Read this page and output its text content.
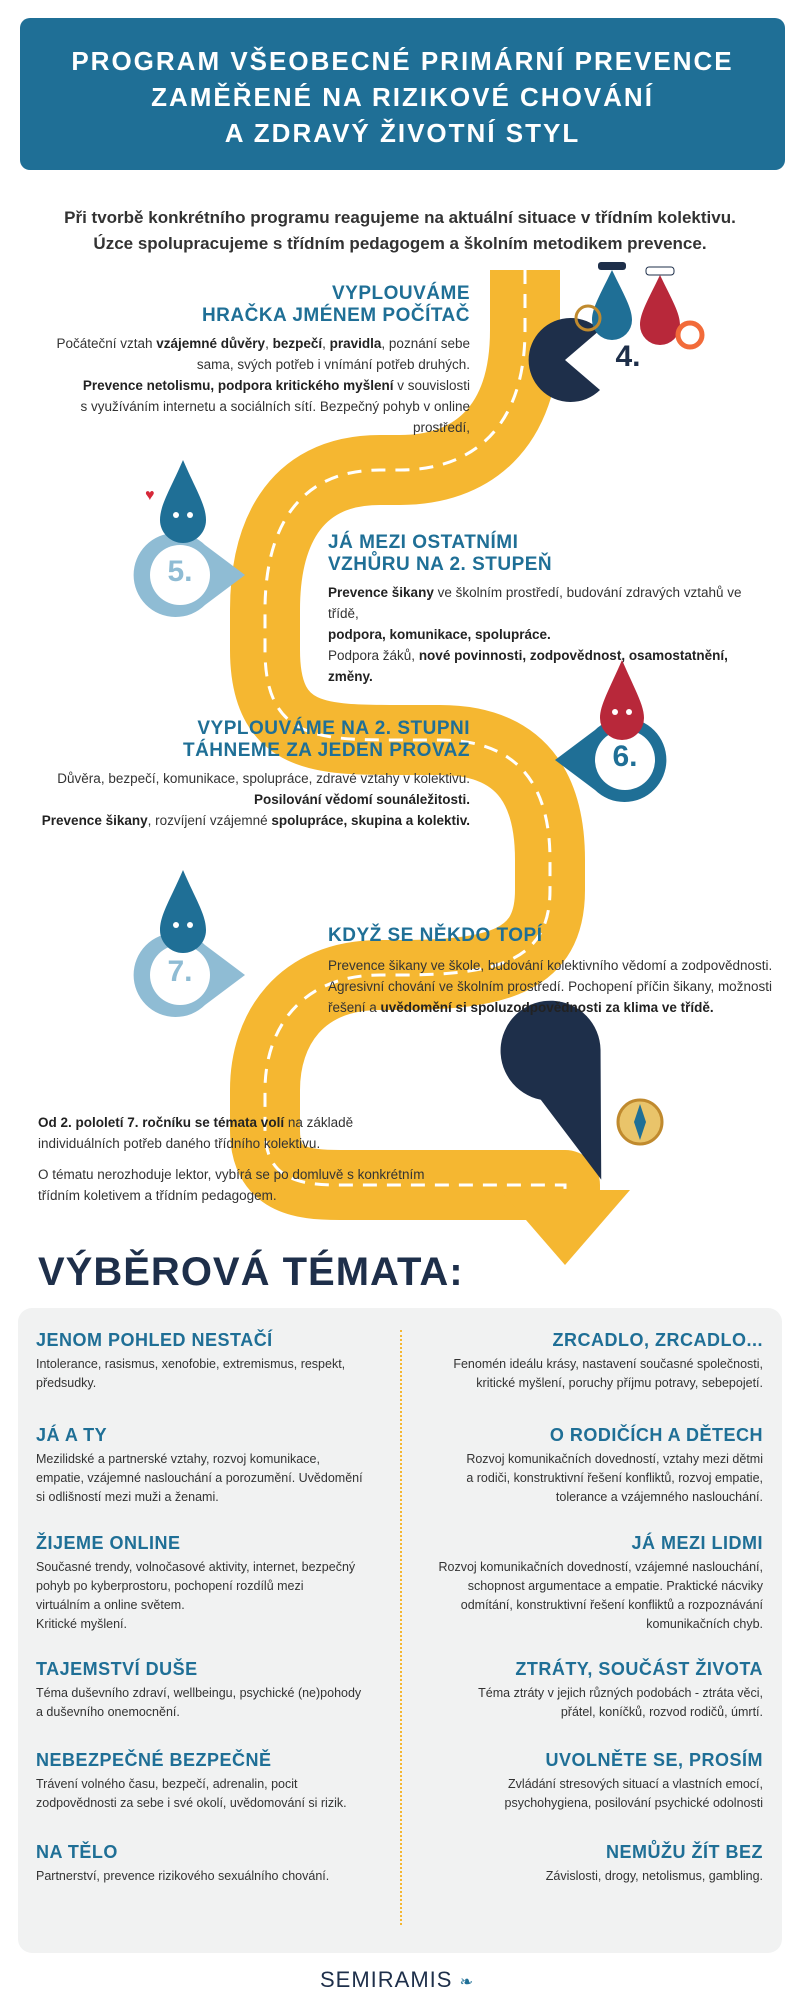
PROGRAM VŠEOBECNÉ PRIMÁRNÍ PREVENCE
ZAMĚŘENÉ NA RIZIKOVÉ CHOVÁNÍ
A ZDRAVÝ ŽIVOTNÍ STYL
Při tvorbě konkrétního programu reagujeme na aktuální situace v třídním kolektivu.
Úzce spolupracujeme s třídním pedagogem a školním metodikem prevence.
♥
4.
5.
6.
7.
VYPLOUVÁME
HRAČKA JMÉNEM POČÍTAČ
Počáteční vztah vzájemné důvěry, bezpečí, pravidla, poznání sebe
sama, svých potřeb i vnímání potřeb druhých.
Prevence netolismu, podpora kritického myšlení v souvislosti
s využíváním internetu a sociálních sítí. Bezpečný pohyb v online prostředí,
JÁ MEZI OSTATNÍMI
VZHŮRU NA 2. STUPEŇ
Prevence šikany ve školním prostředí, budování zdravých vztahů ve třídě,
podpora, komunikace, spolupráce.
Podpora žáků, nové povinnosti, zodpovědnost, osamostatnění, změny.
VYPLOUVÁME NA 2. STUPNI
TÁHNEME ZA JEDEN PROVAZ
Důvěra, bezpečí, komunikace, spolupráce, zdravé vztahy v kolektivu.
Posilování vědomí sounáležitosti.
Prevence šikany, rozvíjení vzájemné spolupráce, skupina a kolektiv.
KDYŽ SE NĚKDO TOPÍ
Prevence šikany ve škole, budování kolektivního vědomí a zodpovědnosti.
Agresivní chování ve školním prostředí. Pochopení příčin šikany, možnosti
řešení a uvědomění si spoluzodpovědnosti za klima ve třídě.
Od 2. pololetí 7. ročníku se témata volí na základě
individuálních potřeb daného třídního kolektivu.
O tématu nerozhoduje lektor, vybírá se po domluvě s konkrétním
třídním koletivem a třídním pedagogem.
VÝBĚROVÁ TÉMATA:
JENOM POHLED NESTAČÍ
Intolerance, rasismus, xenofobie, extremismus, respekt,
předsudky.
JÁ A TY
Mezilidské a partnerské vztahy, rozvoj komunikace,
empatie, vzájemné naslouchání a porozumění. Uvědomění
si odlišností mezi muži a ženami.
ŽIJEME ONLINE
Současné trendy, volnočasové aktivity, internet, bezpečný
pohyb po kyberprostoru, pochopení rozdílů mezi
virtuálním a online světem.
Kritické myšlení.
TAJEMSTVÍ DUŠE
Téma duševního zdraví, wellbeingu, psychické (ne)pohody
a duševního onemocnění.
NEBEZPEČNÉ BEZPEČNĚ
Trávení volného času, bezpečí, adrenalin, pocit
zodpovědnosti za sebe i své okolí, uvědomování si rizik.
NA TĚLO
Partnerství, prevence rizikového sexuálního chování.
ZRCADLO, ZRCADLO...
Fenomén ideálu krásy, nastavení současné společnosti,
kritické myšlení, poruchy příjmu potravy, sebepojetí.
O RODIČÍCH A DĚTECH
Rozvoj komunikačních dovedností, vztahy mezi dětmi
a rodiči, konstruktivní řešení konfliktů, rozvoj empatie,
tolerance a vzájemného naslouchání.
JÁ MEZI LIDMI
Rozvoj komunikačních dovedností, vzájemné naslouchání,
schopnost argumentace a empatie. Praktické nácviky
odmítání, konstruktivní řešení konfliktů a rozpoznávání
komunikačních chyb.
ZTRÁTY, SOUČÁST ŽIVOTA
Téma ztráty v jejich různých podobách - ztráta věci,
přátel, koníčků, rozvod rodičů, úmrtí.
UVOLNĚTE SE, PROSÍM
Zvládání stresových situací a vlastních emocí,
psychohygiena, posilování psychické odolnosti
NEMŮŽU ŽÍT BEZ
Závislosti, drogy, netolismus, gambling.
SEMIRAMIS ❧
